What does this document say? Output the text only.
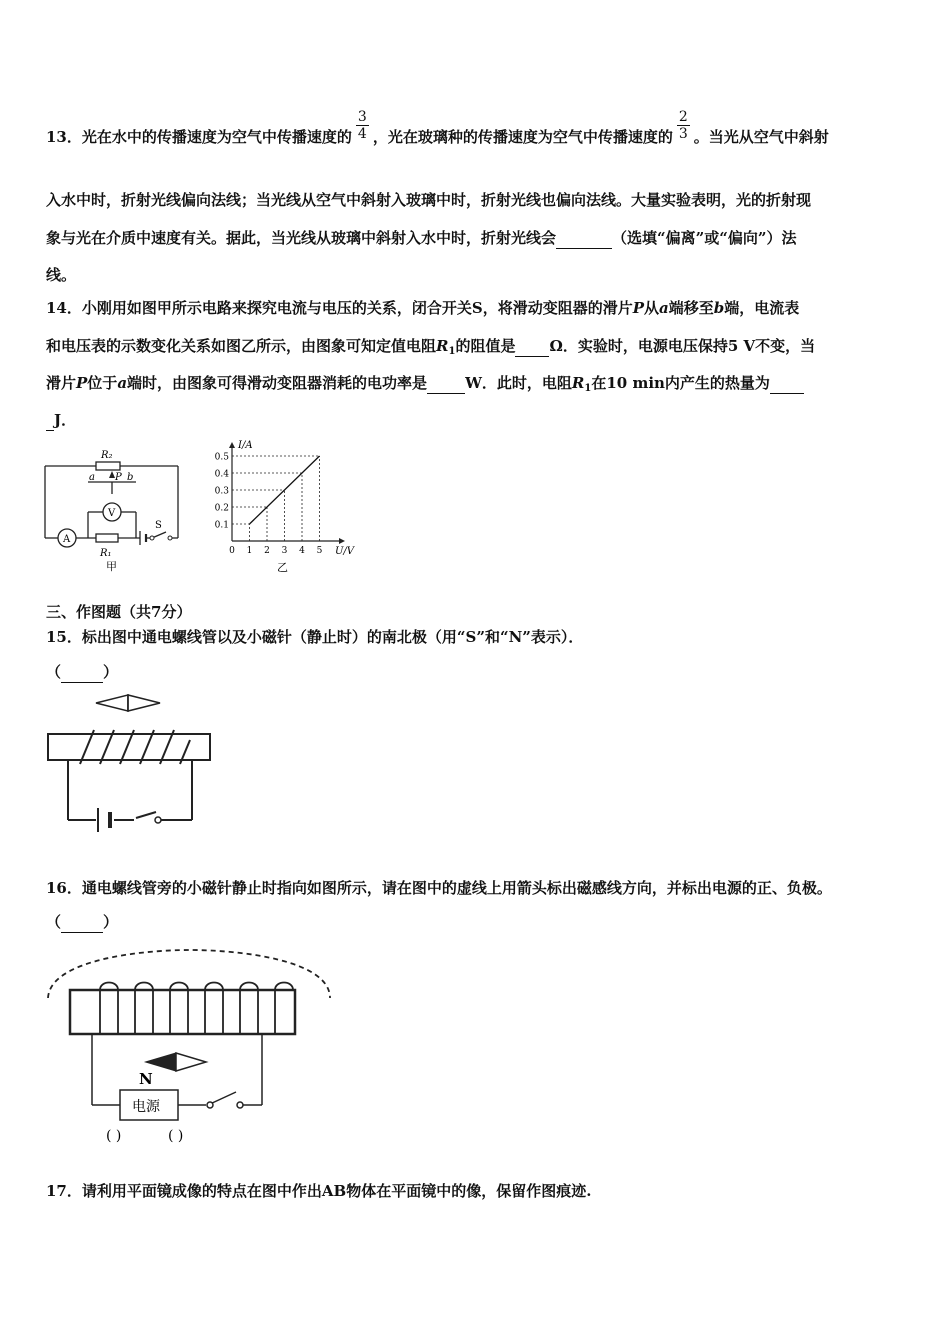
13．光在水中的传播速度为空气中传播速度的 $\frac{3}{4}$ ，光在玻璃种的传播速度为空气中传播速度的 $\frac{2}{3}$ 。当光从空气中斜射
入水中时，折射光线偏向法线；当光线从空气中斜射入玻璃中时，折射光线也偏向法线。大量实验表明，光的折射现
象与光在介质中速度有关。据此，当光线从玻璃中斜射入水中时，折射光线会	（选填“偏离”或“偏向”）法
线。
14．小刚用如图甲所示电路来探究电流与电压的关系，闭合开关S，将滑动变阻器的滑片P从a端移至b端，电流表
和电压表的示数变化关系如图乙所示，由图象可知定值电阻$R_1$的阻值是 Ω．实验时，电源电压保持5 V不变，当
滑片P位于a端时，由图象可得滑动变阻器消耗的电功率是	W．此时，电阻$R_1$在10 min内产生的热量为
J．
R₂
a P b
V
A
R₁
S
甲
0.1
0.2
0.3
0.4
0.5
0 1 2 3 4 5
I/A
U/V
乙
三、作图题（共7分）
15．标出图中通电螺线管以及小磁针（静止时）的南北极（用“S”和“N”表示）．
（	）
16．通电螺线管旁的小磁针静止时指向如图所示，请在图中的虚线上用箭头标出磁感线方向，并标出电源的正、负极。
（	）
N
电源
( )	( )
17．请利用平面镜成像的特点在图中作出AB物体在平面镜中的像，保留作图痕迹.
